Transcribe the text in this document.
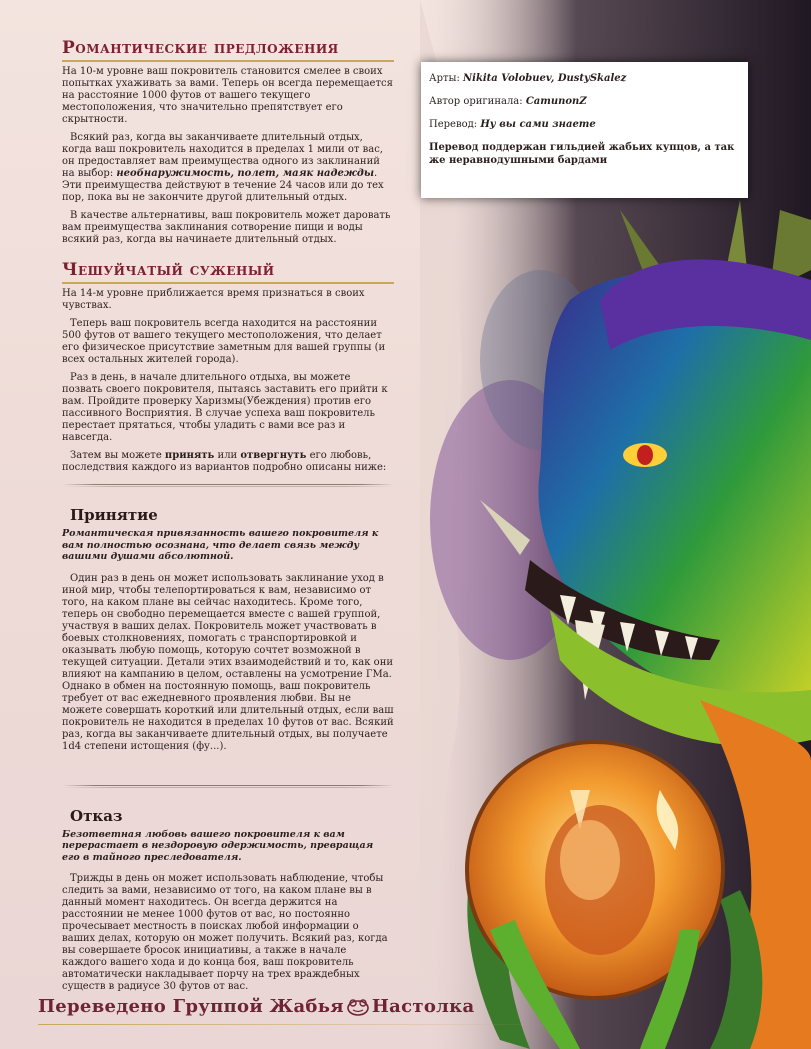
Арты: Nikita Volobuev, DustySkalez

Автор оригинала: CamunonZ

Перевод: Ну вы сами знаете

Перевод поддержан гильдией жабьих купцов, а так же неравнодушными бардами

Романтические предложения

На 10-м уровне ваш покровитель становится смелее в своих попытках ухаживать за вами. Теперь он всегда перемещается на расстояние 1000 футов от вашего текущего местоположения, что значительно препятствует его скрытности.

Всякий раз, когда вы заканчиваете длительный отдых, когда ваш покровитель находится в пределах 1 мили от вас, он предоставляет вам преимущества одного из заклинаний на выбор: необнаружимость, полет, маяк надежды. Эти преимущества действуют в течение 24 часов или до тех пор, пока вы не закончите другой длительный отдых.

В качестве альтернативы, ваш покровитель может даровать вам преимущества заклинания сотворение пищи и воды всякий раз, когда вы начинаете длительный отдых.

Чешуйчатый суженый

На 14-м уровне приближается время признаться в своих чувствах.

Теперь ваш покровитель всегда находится на расстоянии 500 футов от вашего текущего местоположения, что делает его физическое присутствие заметным для вашей группы (и всех остальных жителей города).

Раз в день, в начале длительного отдыха, вы можете позвать своего покровителя, пытаясь заставить его прийти к вам. Пройдите проверку Харизмы(Убеждения) против его пассивного Восприятия. В случае успеха ваш покровитель перестает прятаться, чтобы уладить с вами все раз и навсегда.

Затем вы можете принять или отвергнуть его любовь, последствия каждого из вариантов подробно описаны ниже:

Принятие

Романтическая привязанность вашего покровителя к вам полностью осознана, что делает связь между вашими душами абсолютной.

Один раз в день он может использовать заклинание уход в иной мир, чтобы телепортироваться к вам, независимо от того, на каком плане вы сейчас находитесь. Кроме того, теперь он свободно перемещается вместе с вашей группой, участвуя в ваших делах. Покровитель может участвовать в боевых столкновениях, помогать с транспортировкой и оказывать любую помощь, которую сочтет возможной в текущей ситуации. Детали этих взаимодействий и то, как они влияют на кампанию в целом, оставлены на усмотрение ГМа. Однако в обмен на постоянную помощь, ваш покровитель требует от вас ежедневного проявления любви. Вы не можете совершать короткий или длительный отдых, если ваш покровитель не находится в пределах 10 футов от вас. Всякий раз, когда вы заканчиваете длительный отдых, вы получаете 1d4 степени истощения (фу...).

Отказ

Безответная любовь вашего покровителя к вам перерастает в нездоровую одержимость, превращая его в тайного преследователя.

Трижды в день он может использовать наблюдение, чтобы следить за вами, независимо от того, на каком плане вы в данный момент находитесь. Он всегда держится на расстоянии не менее 1000 футов от вас, но постоянно прочесывает местность в поисках любой информации о ваших делах, которую он может получить. Всякий раз, когда вы совершаете бросок инициативы, а также в начале каждого вашего хода и до конца боя, ваш покровитель автоматически накладывает порчу на трех враждебных существ в радиусе 30 футов от вас.

Переведено Группой Жабья Настолка
